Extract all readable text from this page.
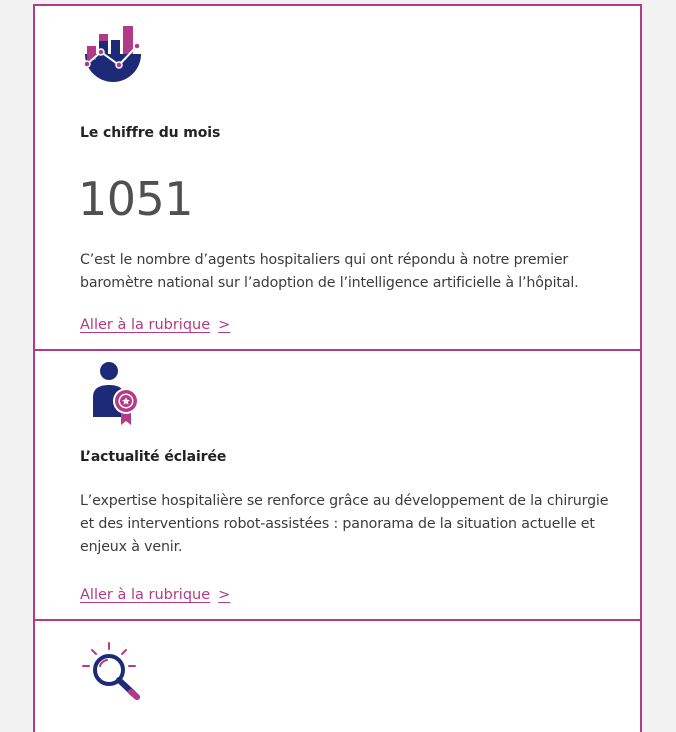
Le chiffre du mois

1051

C’est le nombre d’agents hospitaliers qui ont répondu à notre premier baromètre national sur l’adoption de l’intelligence artificielle à l’hôpital.

Aller à la rubrique >
L’actualité éclairée

L’expertise hospitalière se renforce grâce au développement de la chirurgie et des interventions robot-assistées : panorama de la situation actuelle et enjeux à venir.

Aller à la rubrique >
